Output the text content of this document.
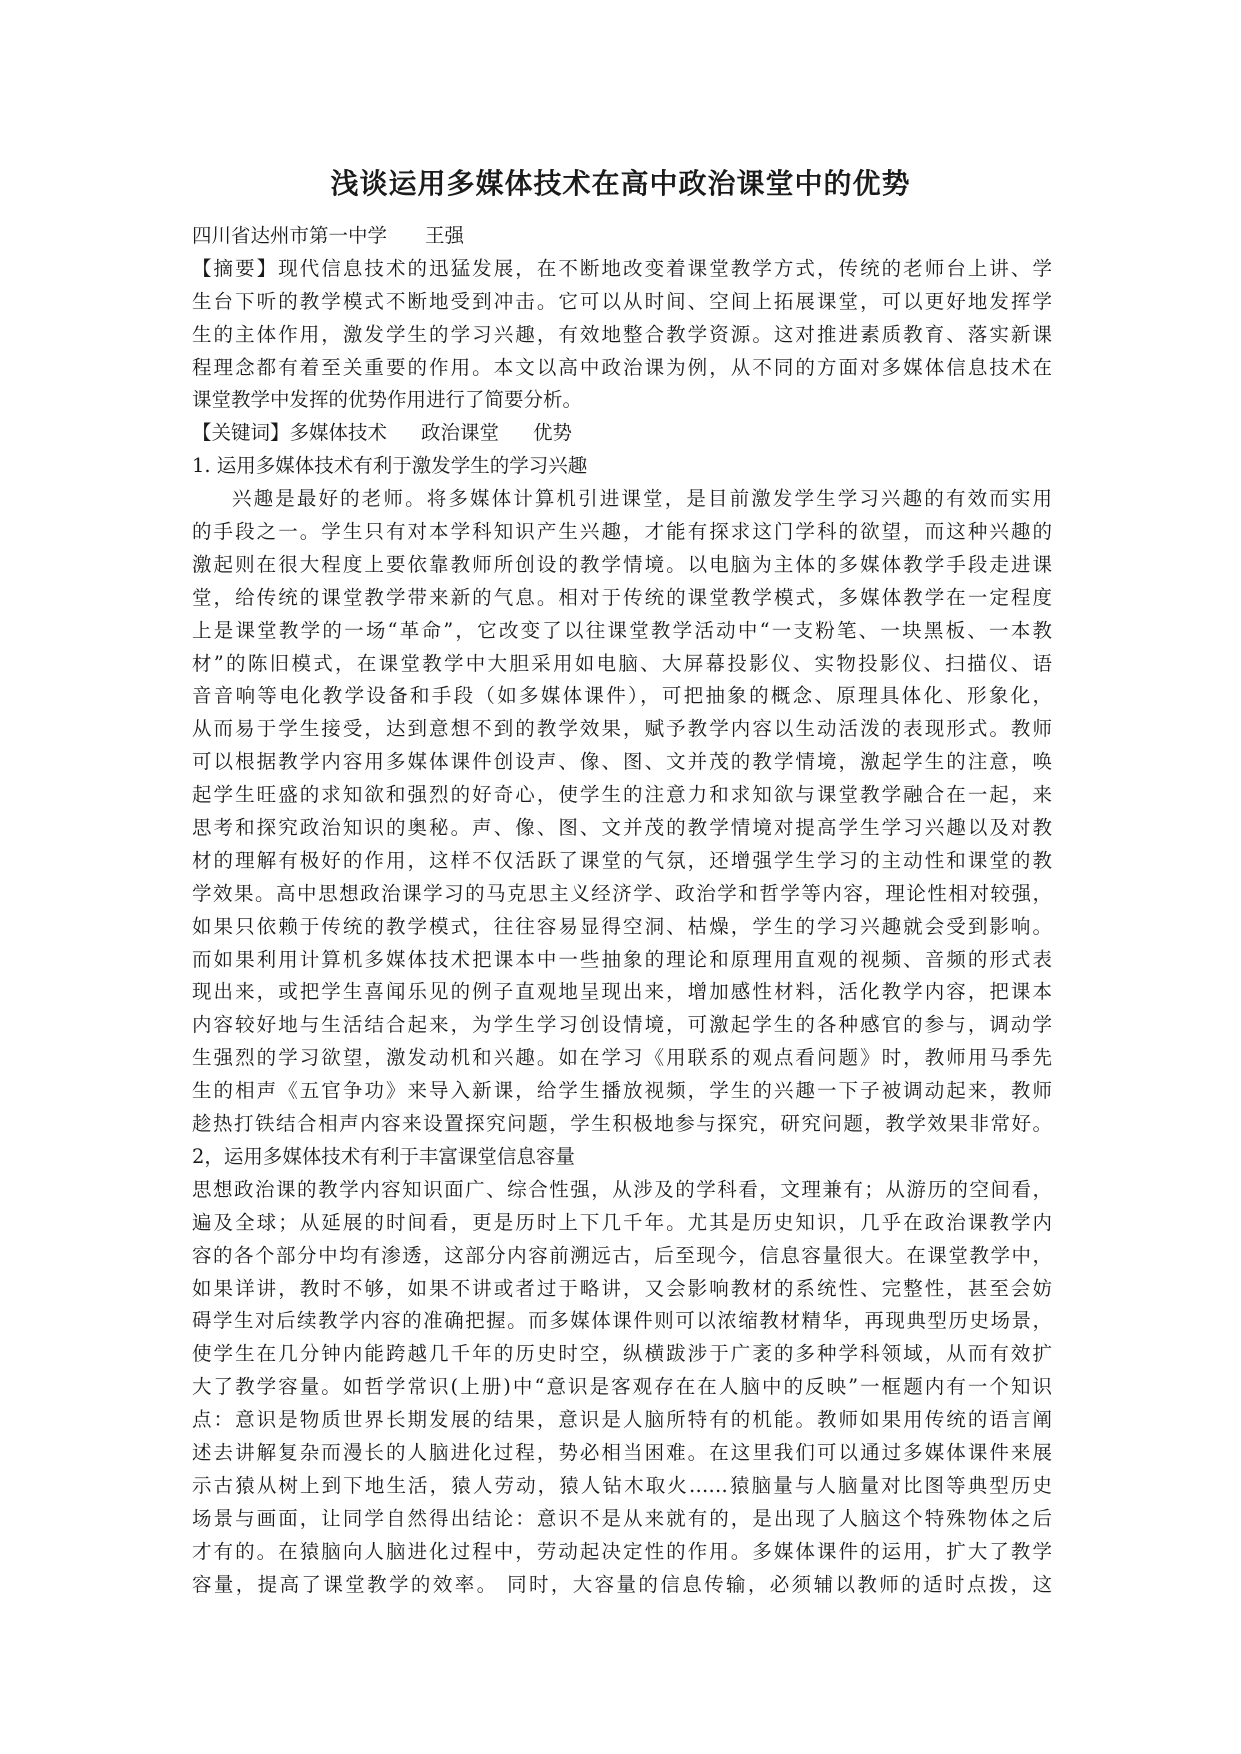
浅谈运用多媒体技术在高中政治课堂中的优势
四川省达州市第一中学 王强
【摘要】现代信息技术的迅猛发展，在不断地改变着课堂教学方式，传统的老师台上讲、学
生台下听的教学模式不断地受到冲击。它可以从时间、空间上拓展课堂，可以更好地发挥学
生的主体作用，激发学生的学习兴趣，有效地整合教学资源。这对推进素质教育、落实新课
程理念都有着至关重要的作用。本文以高中政治课为例，从不同的方面对多媒体信息技术在
课堂教学中发挥的优势作用进行了简要分析。
【关键词】多媒体技术 政治课堂 优势
1. 运用多媒体技术有利于激发学生的学习兴趣
兴趣是最好的老师。将多媒体计算机引进课堂，是目前激发学生学习兴趣的有效而实用
的手段之一。学生只有对本学科知识产生兴趣，才能有探求这门学科的欲望，而这种兴趣的
激起则在很大程度上要依靠教师所创设的教学情境。以电脑为主体的多媒体教学手段走进课
堂，给传统的课堂教学带来新的气息。相对于传统的课堂教学模式，多媒体教学在一定程度
上是课堂教学的一场“革命”，它改变了以往课堂教学活动中“一支粉笔、一块黑板、一本教
材”的陈旧模式，在课堂教学中大胆采用如电脑、大屏幕投影仪、实物投影仪、扫描仪、语
音音响等电化教学设备和手段（如多媒体课件），可把抽象的概念、原理具体化、形象化，
从而易于学生接受，达到意想不到的教学效果，赋予教学内容以生动活泼的表现形式。教师
可以根据教学内容用多媒体课件创设声、像、图、文并茂的教学情境，激起学生的注意，唤
起学生旺盛的求知欲和强烈的好奇心，使学生的注意力和求知欲与课堂教学融合在一起，来
思考和探究政治知识的奥秘。声、像、图、文并茂的教学情境对提高学生学习兴趣以及对教
材的理解有极好的作用，这样不仅活跃了课堂的气氛，还增强学生学习的主动性和课堂的教
学效果。高中思想政治课学习的马克思主义经济学、政治学和哲学等内容，理论性相对较强，
如果只依赖于传统的教学模式，往往容易显得空洞、枯燥，学生的学习兴趣就会受到影响。
而如果利用计算机多媒体技术把课本中一些抽象的理论和原理用直观的视频、音频的形式表
现出来，或把学生喜闻乐见的例子直观地呈现出来，增加感性材料，活化教学内容，把课本
内容较好地与生活结合起来，为学生学习创设情境，可激起学生的各种感官的参与，调动学
生强烈的学习欲望，激发动机和兴趣。如在学习《用联系的观点看问题》时，教师用马季先
生的相声《五官争功》来导入新课，给学生播放视频，学生的兴趣一下子被调动起来，教师
趁热打铁结合相声内容来设置探究问题，学生积极地参与探究，研究问题，教学效果非常好。
2，运用多媒体技术有利于丰富课堂信息容量
思想政治课的教学内容知识面广、综合性强，从涉及的学科看，文理兼有；从游历的空间看，
遍及全球；从延展的时间看，更是历时上下几千年。尤其是历史知识，几乎在政治课教学内
容的各个部分中均有渗透，这部分内容前溯远古，后至现今，信息容量很大。在课堂教学中，
如果详讲，教时不够，如果不讲或者过于略讲，又会影响教材的系统性、完整性，甚至会妨
碍学生对后续教学内容的准确把握。而多媒体课件则可以浓缩教材精华，再现典型历史场景，
使学生在几分钟内能跨越几千年的历史时空，纵横跋涉于广袤的多种学科领域，从而有效扩
大了教学容量。如哲学常识(上册)中“意识是客观存在在人脑中的反映”一框题内有一个知识
点：意识是物质世界长期发展的结果，意识是人脑所特有的机能。教师如果用传统的语言阐
述去讲解复杂而漫长的人脑进化过程，势必相当困难。在这里我们可以通过多媒体课件来展
示古猿从树上到下地生活，猿人劳动，猿人钻木取火……猿脑量与人脑量对比图等典型历史
场景与画面，让同学自然得出结论：意识不是从来就有的，是出现了人脑这个特殊物体之后
才有的。在猿脑向人脑进化过程中，劳动起决定性的作用。多媒体课件的运用，扩大了教学
容量，提高了课堂教学的效率。 同时，大容量的信息传输，必须辅以教师的适时点拨，这
